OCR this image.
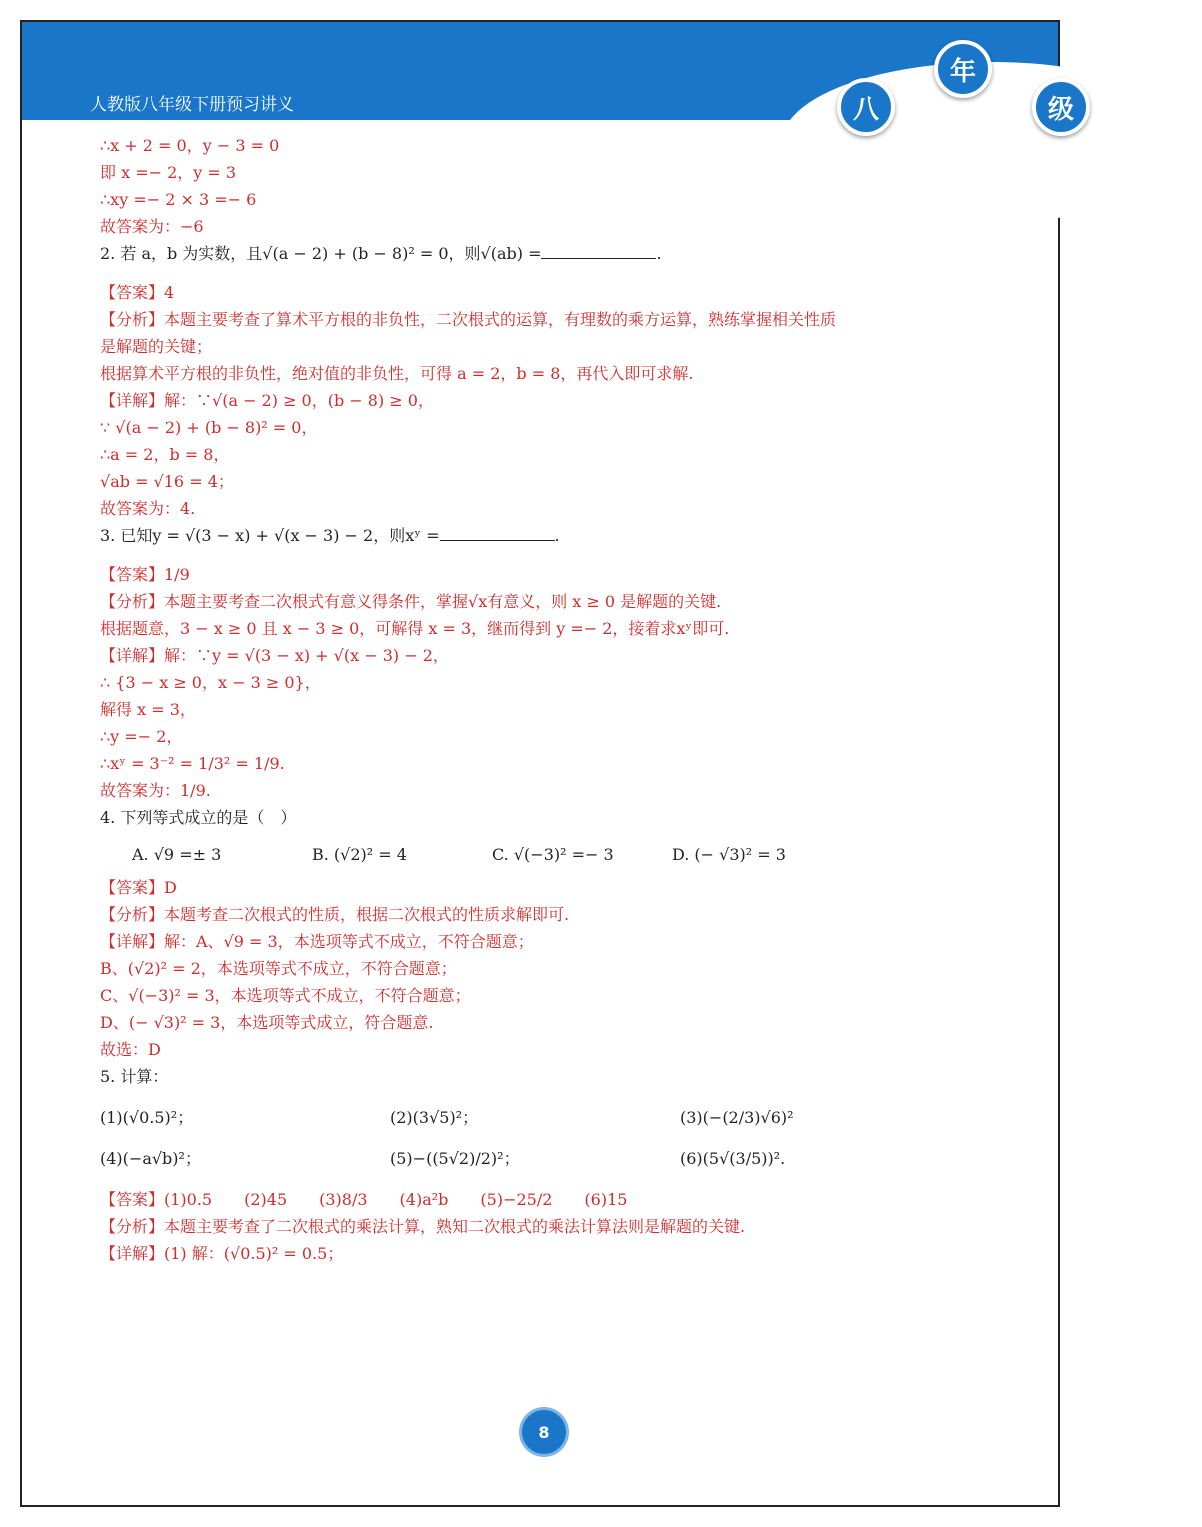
人教版八年级下册预习讲义	八
年
级
∴x + 2 = 0，y − 3 = 0
即 x =− 2，y = 3
∴xy =− 2 × 3 =− 6
故答案为：−6
2. 若 a，b 为实数，且√(a − 2) + (b − 8)² = 0，则√(ab) =	.
【答案】4
【分析】本题主要考查了算术平方根的非负性，二次根式的运算，有理数的乘方运算，熟练掌握相关性质
是解题的关键；
根据算术平方根的非负性，绝对值的非负性，可得 a = 2，b = 8，再代入即可求解.
【详解】解：∵√(a − 2) ≥ 0，(b − 8) ≥ 0，
∵ √(a − 2) + (b − 8)² = 0，
∴a = 2，b = 8，
√ab = √16 = 4；
故答案为：4.
3. 已知y = √(3 − x) + √(x − 3) − 2，则xʸ =	.
【答案】1/9
【分析】本题主要考查二次根式有意义得条件，掌握√x有意义，则 x ≥ 0 是解题的关键.
根据题意，3 − x ≥ 0 且 x − 3 ≥ 0，可解得 x = 3，继而得到 y =− 2，接着求xʸ即可.
【详解】解：∵y = √(3 − x) + √(x − 3) − 2，
∴ {3 − x ≥ 0，x − 3 ≥ 0}，
解得 x = 3，
∴y =− 2，
∴xʸ = 3⁻² = 1/3² = 1/9.
故答案为：1/9.
4. 下列等式成立的是（　）
A. √9 =± 3	B. (√2)² = 4	C. √(−3)² =− 3	D. (− √3)² = 3
【答案】D
【分析】本题考查二次根式的性质，根据二次根式的性质求解即可.
【详解】解：A、√9 = 3，本选项等式不成立，不符合题意；
B、(√2)² = 2，本选项等式不成立，不符合题意；
C、√(−3)² = 3，本选项等式不成立，不符合题意；
D、(− √3)² = 3，本选项等式成立，符合题意.
故选：D
5. 计算：
(1)(√0.5)²；	(2)(3√5)²；	(3)(−(2/3)√6)²
(4)(−a√b)²；	(5)−((5√2)/2)²；	(6)(5√(3/5))².
【答案】(1)0.5　　(2)45　　(3)8/3　　(4)a²b　　(5)−25/2　　(6)15
【分析】本题主要考查了二次根式的乘法计算，熟知二次根式的乘法计算法则是解题的关键.
【详解】(1) 解：(√0.5)² = 0.5；
8
